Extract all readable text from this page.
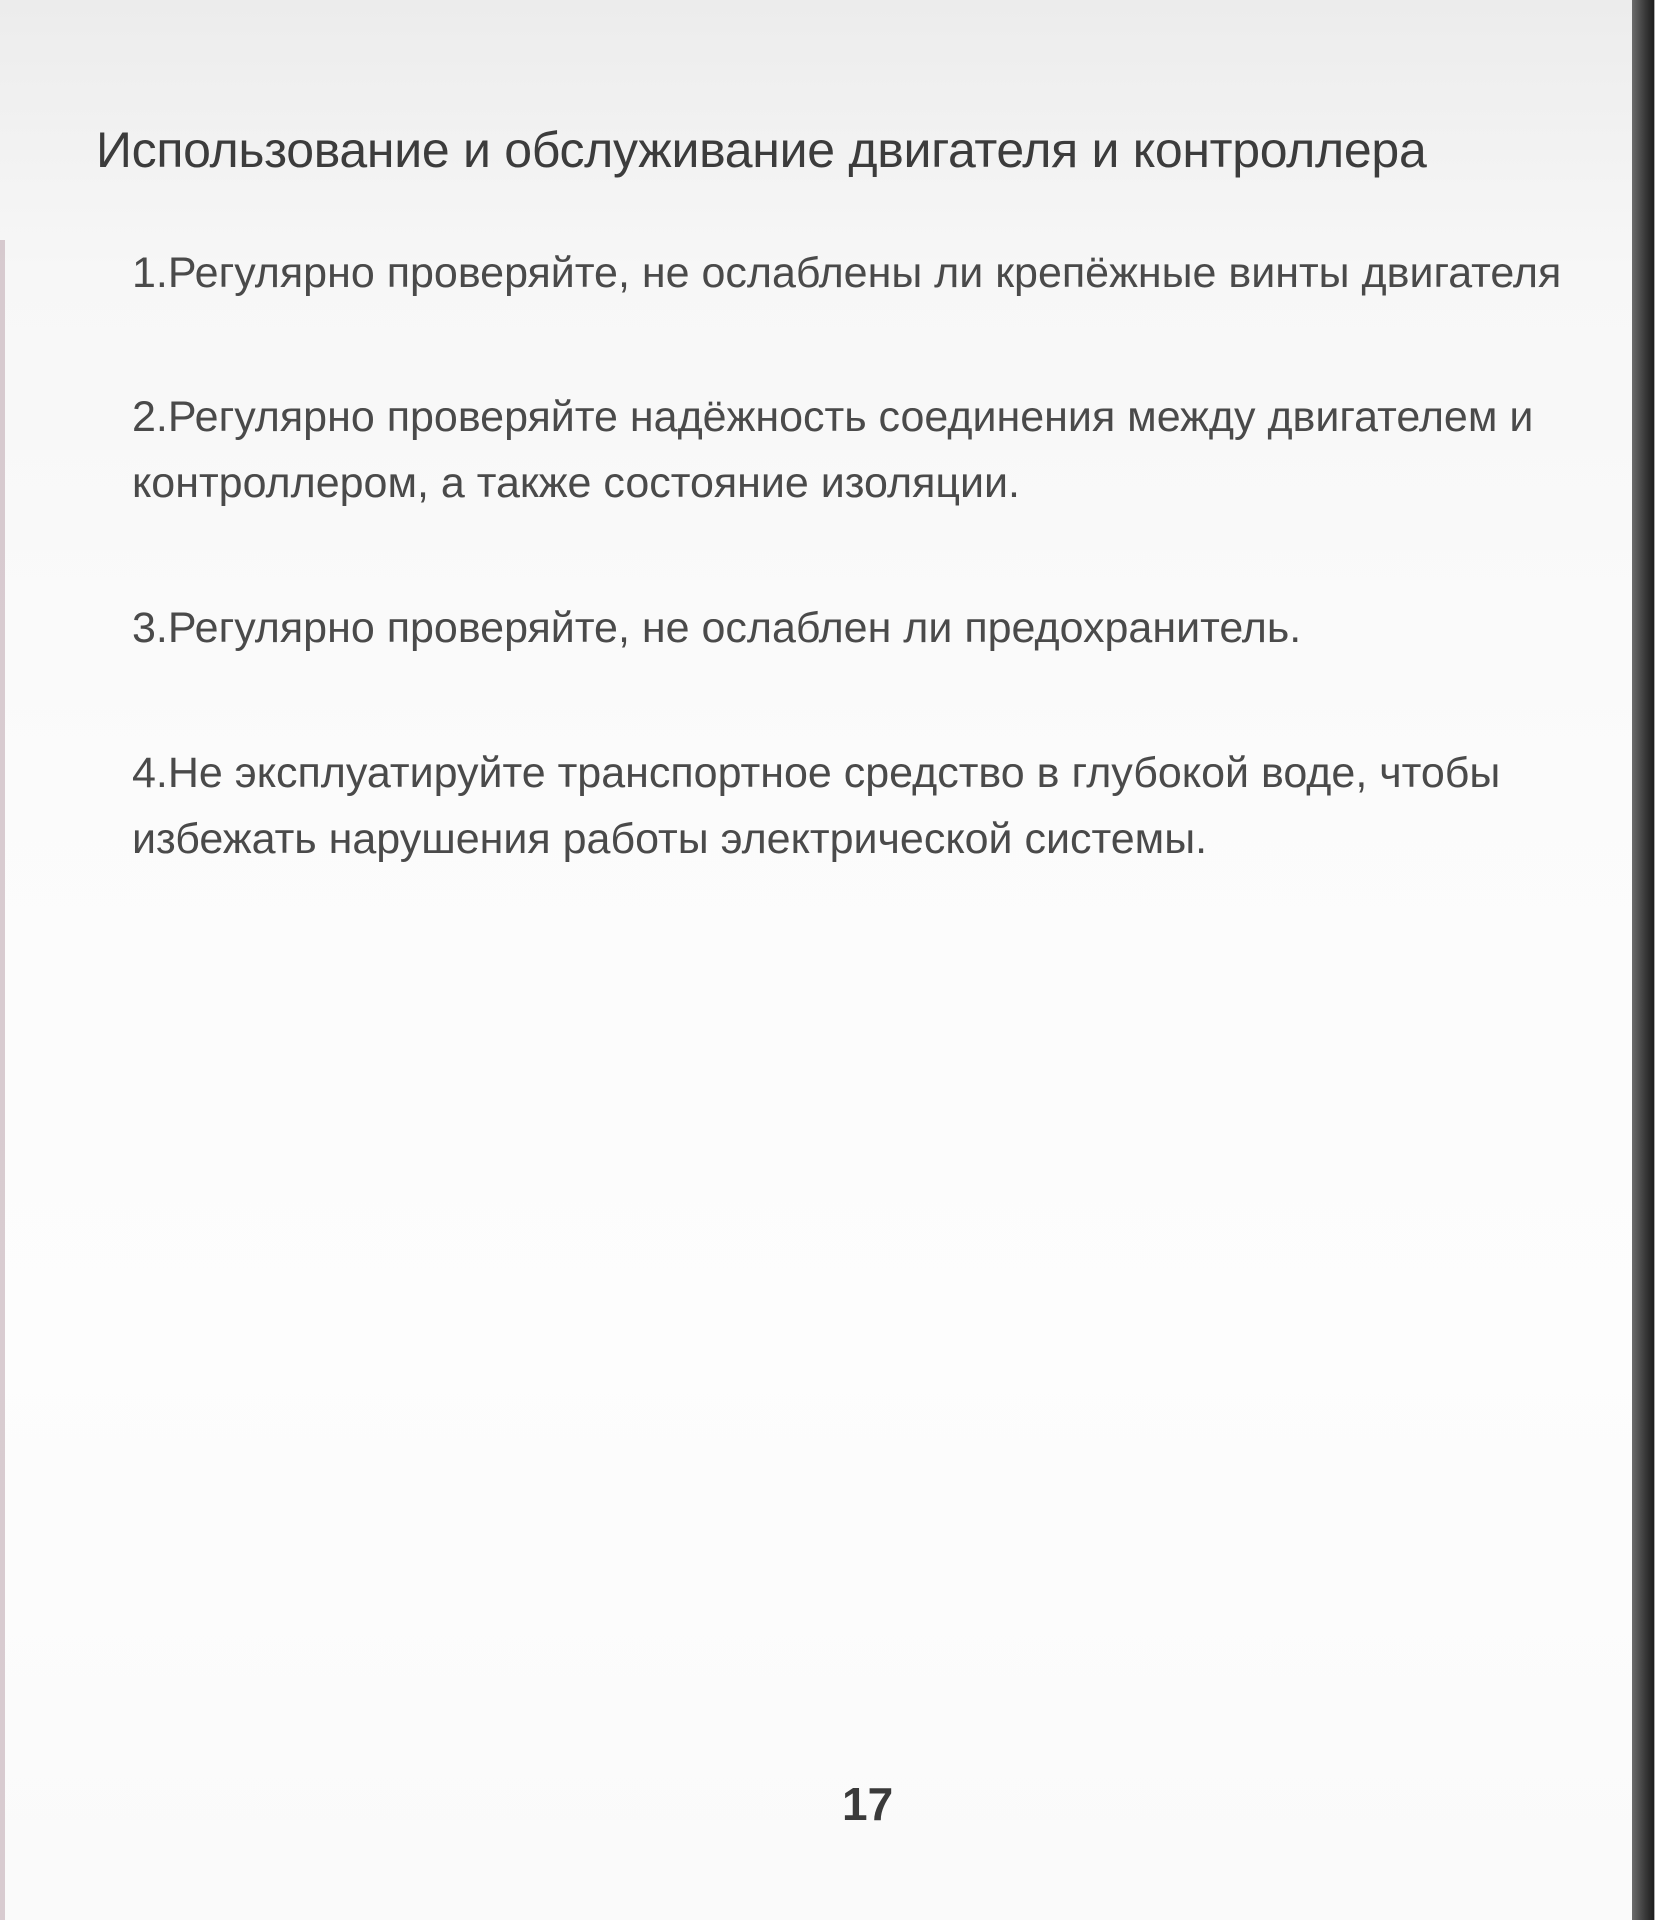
Использование и обслуживание двигателя и контроллера
1.Регулярно проверяйте, не ослаблены ли крепёжные винты двигателя
2.Регулярно проверяйте надёжность соединения между двигателем и
контроллером, а также состояние изоляции.
3.Регулярно проверяйте, не ослаблен ли предохранитель.
4.Не эксплуатируйте транспортное средство в глубокой воде, чтобы
избежать нарушения работы электрической системы.
17
